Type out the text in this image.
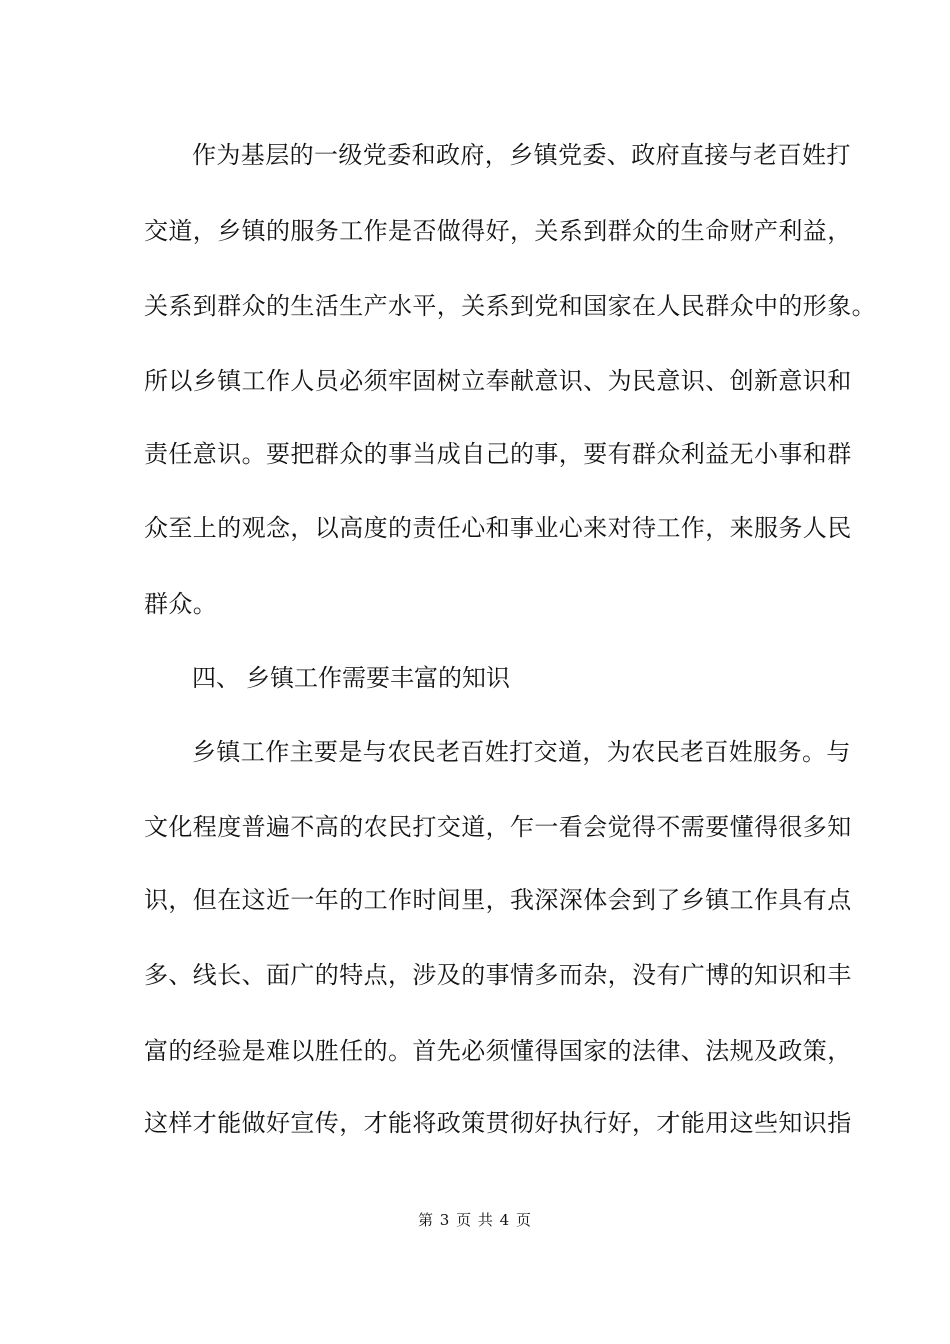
作为基层的一级党委和政府，乡镇党委、政府直接与老百姓打
交道，乡镇的服务工作是否做得好，关系到群众的生命财产利益，
关系到群众的生活生产水平，关系到党和国家在人民群众中的形象。
所以乡镇工作人员必须牢固树立奉献意识、为民意识、创新意识和
责任意识。要把群众的事当成自己的事，要有群众利益无小事和群
众至上的观念，以高度的责任心和事业心来对待工作，来服务人民
群众。
四、 乡镇工作需要丰富的知识
乡镇工作主要是与农民老百姓打交道，为农民老百姓服务。与
文化程度普遍不高的农民打交道，乍一看会觉得不需要懂得很多知
识，但在这近一年的工作时间里，我深深体会到了乡镇工作具有点
多、线长、面广的特点，涉及的事情多而杂，没有广博的知识和丰
富的经验是难以胜任的。首先必须懂得国家的法律、法规及政策，
这样才能做好宣传，才能将政策贯彻好执行好，才能用这些知识指
第 3 页 共 4 页
